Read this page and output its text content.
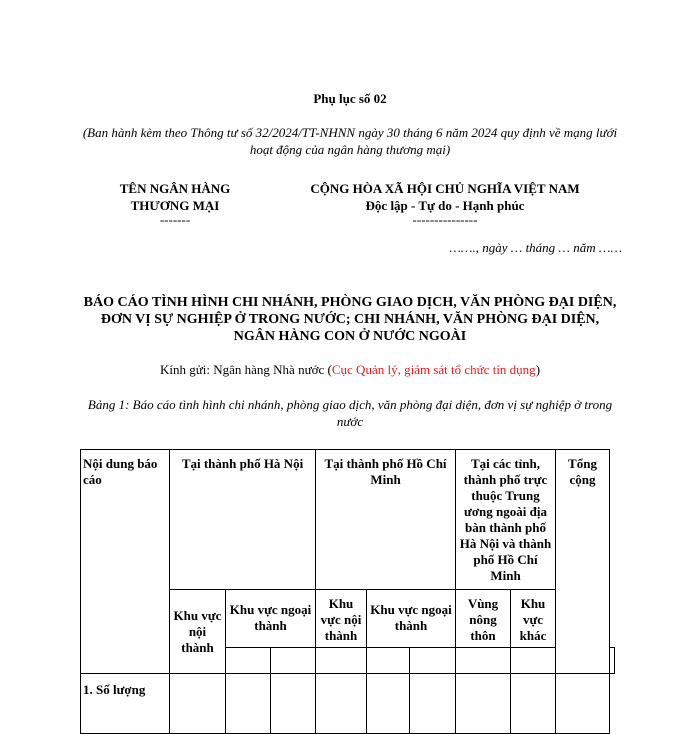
Phụ lục số 02
(Ban hành kèm theo Thông tư số 32/2024/TT-NHNN ngày 30 tháng 6 năm 2024 quy định về mạng lưới hoạt động của ngân hàng thương mại)
TÊN NGÂN HÀNG
THƯƠNG MẠI
-------
CỘNG HÒA XÃ HỘI CHỦ NGHĨA VIỆT NAM
Độc lập - Tự do - Hạnh phúc
---------------
……., ngày … tháng … năm ……
BÁO CÁO TÌNH HÌNH CHI NHÁNH, PHÒNG GIAO DỊCH, VĂN PHÒNG ĐẠI DIỆN, ĐƠN VỊ SỰ NGHIỆP Ở TRONG NƯỚC; CHI NHÁNH, VĂN PHÒNG ĐẠI DIỆN, NGÂN HÀNG CON Ở NƯỚC NGOÀI
Kính gửi: Ngân hàng Nhà nước (Cục Quản lý, giám sát tổ chức tín dụng)
Bảng 1: Báo cáo tình hình chi nhánh, phòng giao dịch, văn phòng đại diện, đơn vị sự nghiệp ở trong nước
Nội dung báo cáo	Tại thành phố Hà Nội			Tại thành phố Hồ Chí Minh			Tại các tỉnh, thành phố trực thuộc Trung ương ngoài địa bàn thành phố Hà Nội và thành phố Hồ Chí Minh		Tổng cộng	
	Khu vực nội thành	Khu vực ngoại thành		Khu vực nội thành	Khu vực ngoại thành		Vùng nông thôn	Khu vực khác		

1. Số lượng										
